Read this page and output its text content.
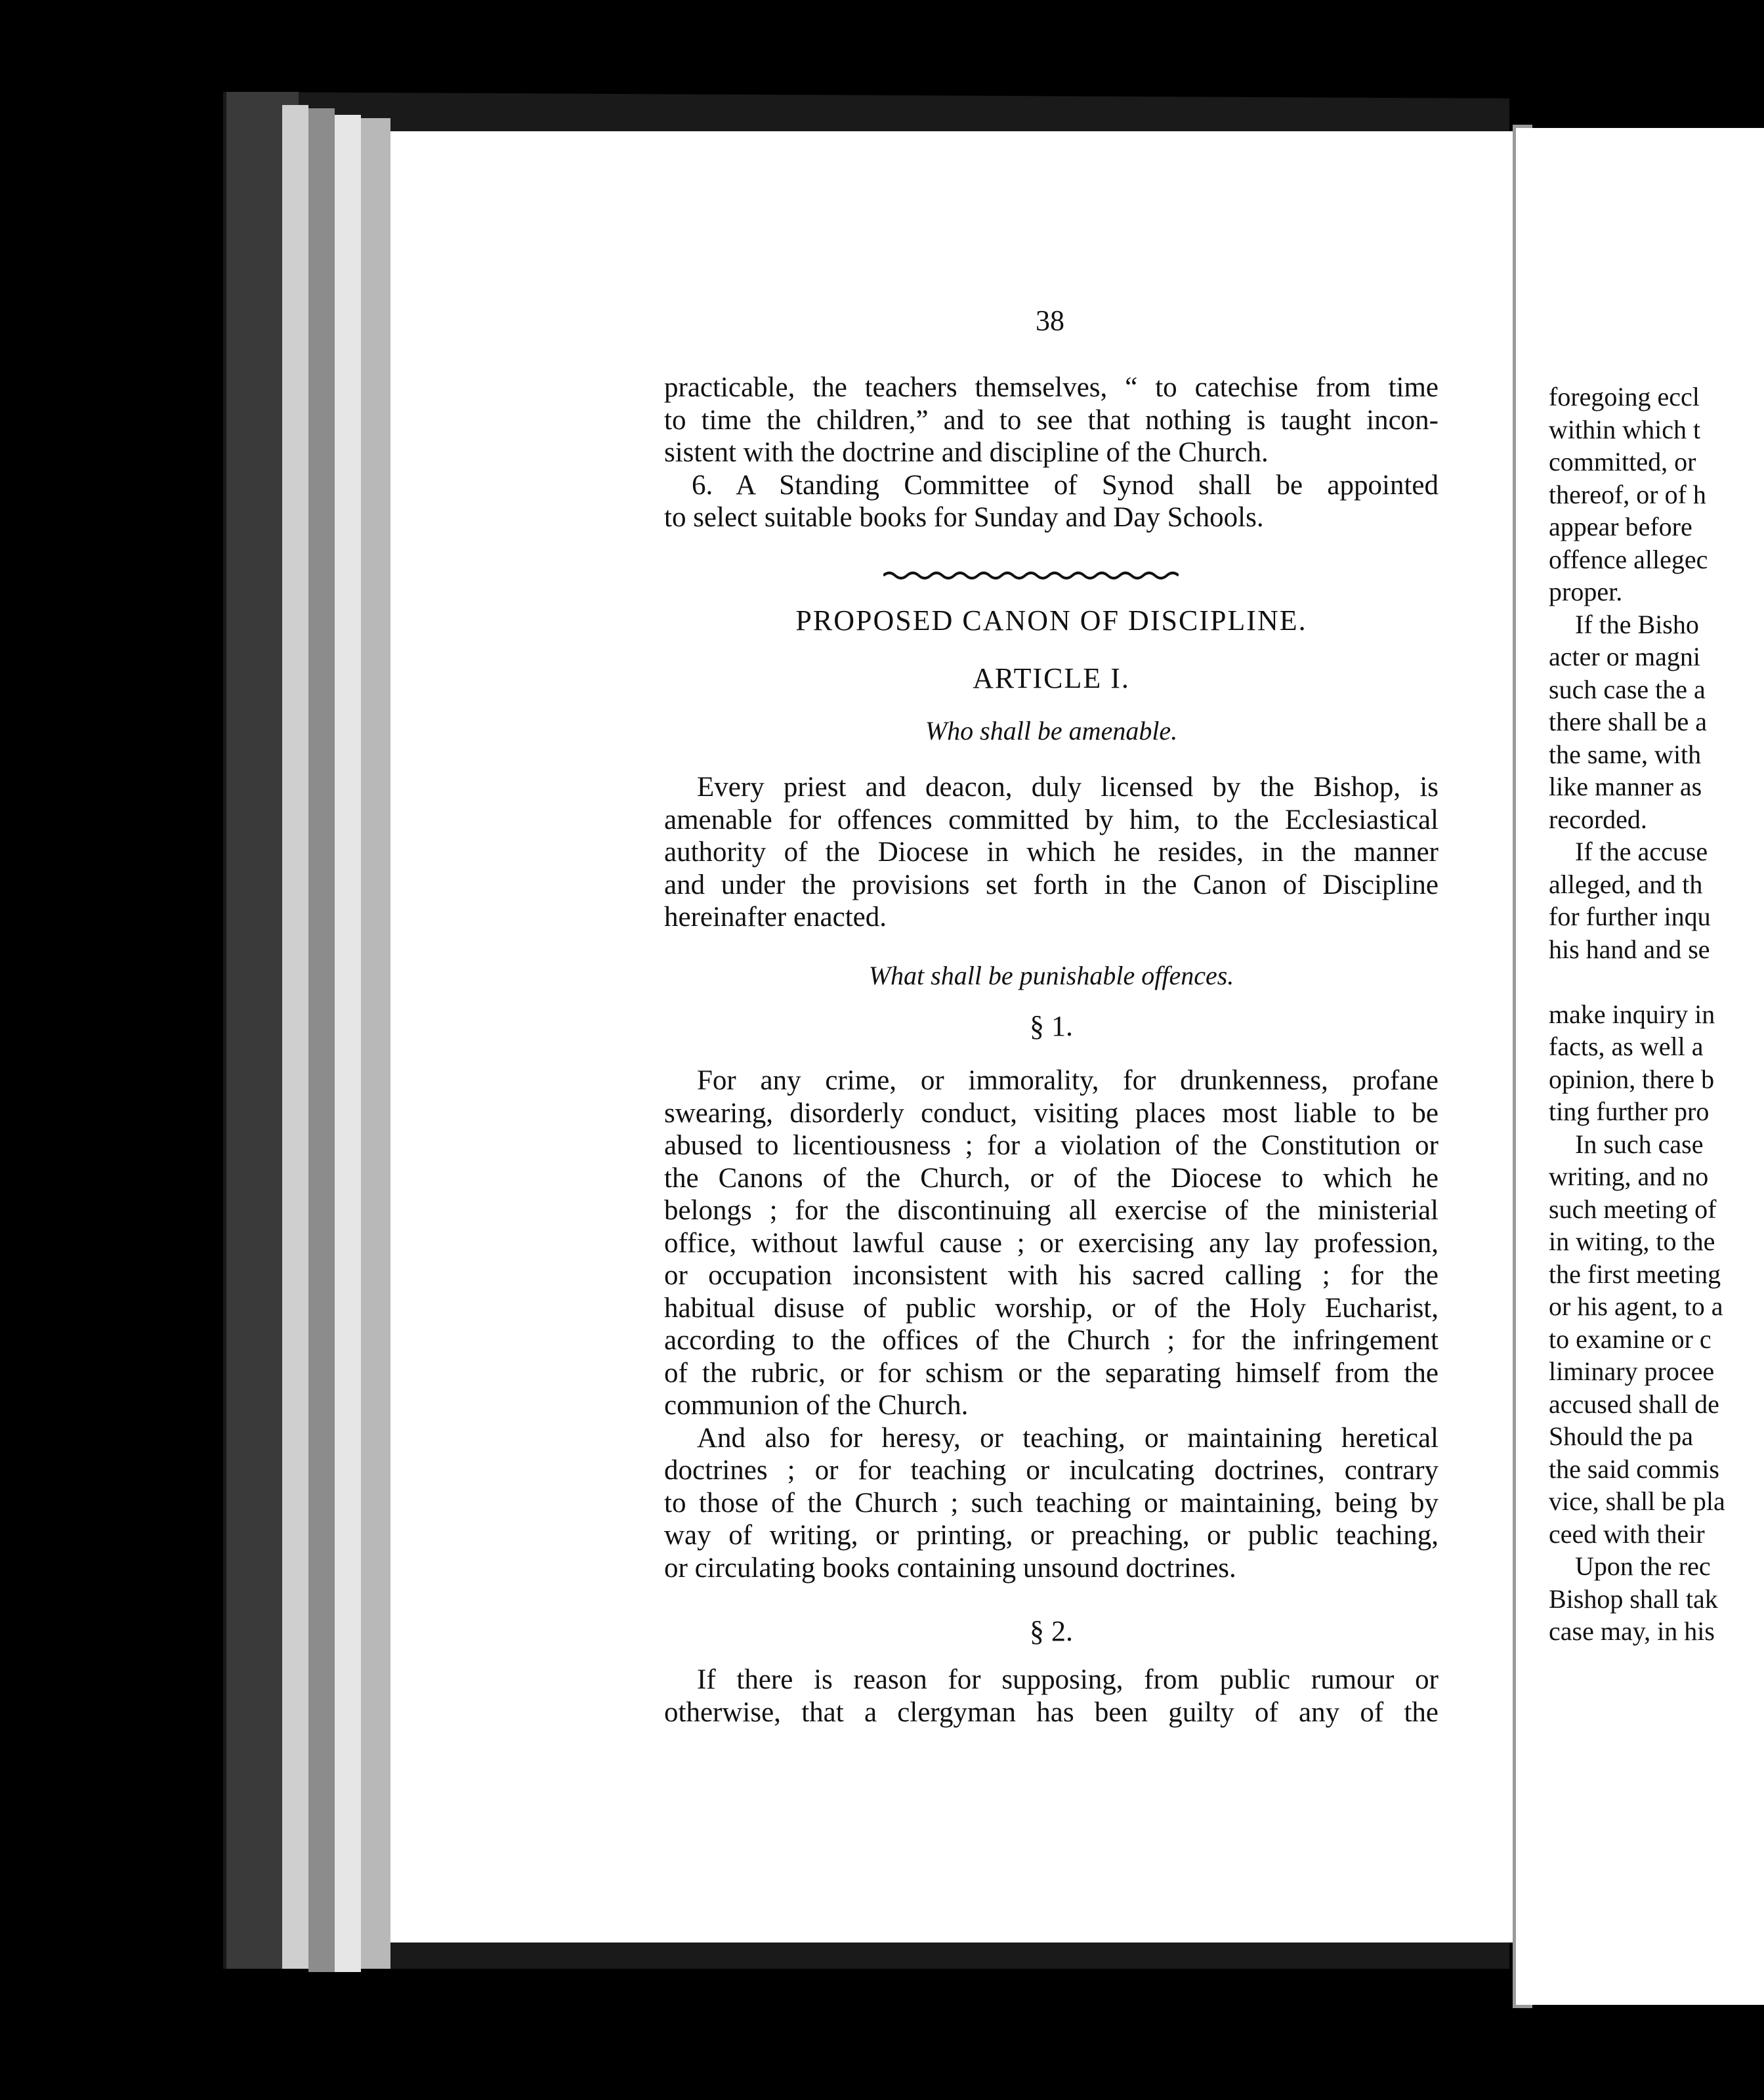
38
practicable, the teachers themselves, “ to catechise from time
to time the children,” and to see that nothing is taught incon-
sistent with the doctrine and discipline of the Church.
6. A Standing Committee of Synod shall be appointed
to select suitable books for Sunday and Day Schools.
PROPOSED CANON OF DISCIPLINE.
ARTICLE I.
Who shall be amenable.
Every priest and deacon, duly licensed by the Bishop, is
amenable for offences committed by him, to the Ecclesiastical
authority of the Diocese in which he resides, in the manner
and under the provisions set forth in the Canon of Discipline
hereinafter enacted.
What shall be punishable offences.
§ 1.
For any crime, or immorality, for drunkenness, profane
swearing, disorderly conduct, visiting places most liable to be
abused to licentiousness ; for a violation of the Constitution or
the Canons of the Church, or of the Diocese to which he
belongs ; for the discontinuing all exercise of the ministerial
office, without lawful cause ; or exercising any lay profession,
or occupation inconsistent with his sacred calling ; for the
habitual disuse of public worship, or of the Holy Eucharist,
according to the offices of the Church ; for the infringement
of the rubric, or for schism or the separating himself from the
communion of the Church.
And also for heresy, or teaching, or maintaining heretical
doctrines ; or for teaching or inculcating doctrines, contrary
to those of the Church ; such teaching or maintaining, being by
way of writing, or printing, or preaching, or public teaching,
or circulating books containing unsound doctrines.
§ 2.
If there is reason for supposing, from public rumour or
otherwise, that a clergyman has been guilty of any of the
foregoing eccl
within which t
committed, or
thereof, or of h
appear before
offence allegec
proper.
If the Bisho
acter or magni
such case the a
there shall be a
the same, with
like manner as
recorded.
If the accuse
alleged, and th
for further inqu
his hand and se
make inquiry in
facts, as well a
opinion, there b
ting further pro
In such case
writing, and no
such meeting of
in witing, to the
the first meeting
or his agent, to a
to examine or c
liminary procee
accused shall de
Should the pa
the said commis
vice, shall be pla
ceed with their
Upon the rec
Bishop shall tak
case may, in his
